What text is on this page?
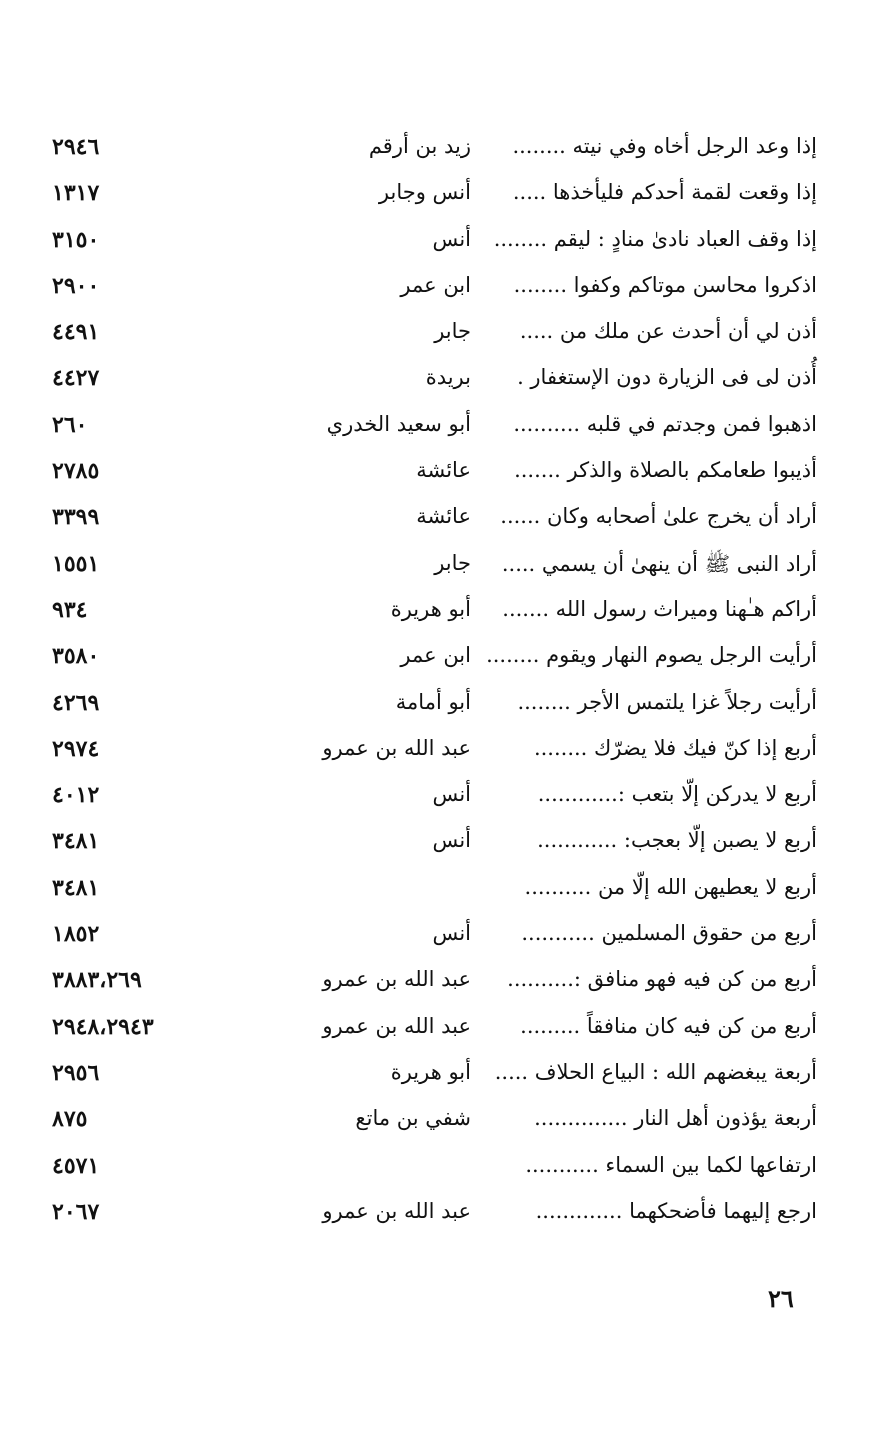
إذا وعد الرجل أخاه وفي نيته ........
زيد بن أرقم
٢٩٤٦
إذا وقعت لقمة أحدكم فليأخذها .....
أنس وجابر
١٣١٧
إذا وقف العباد نادىٰ منادٍ : ليقم ........
أنس
٣١٥٠
اذكروا محاسن موتاكم وكفوا ........
ابن عمر
٢٩٠٠
أذن لي أن أحدث عن ملك من .....
جابر
٤٤٩١
أُذن لى فى الزيارة دون الإستغفار .
بريدة
٤٤٢٧
اذهبوا فمن وجدتم في قلبه ..........
أبو سعيد الخدري
٢٦٠
أذيبوا طعامكم بالصلاة والذكر .......
عائشة
٢٧٨٥
أراد أن يخرج علىٰ أصحابه وكان ......
عائشة
٣٣٩٩
أراد النبى ﷺ أن ينهىٰ أن يسمي .....
جابر
١٥٥١
أراكم هـٰهنا وميراث رسول الله .......
أبو هريرة
٩٣٤
أرأيت الرجل يصوم النهار ويقوم ........
ابن عمر
٣٥٨٠
أرأيت رجلاً غزا يلتمس الأجر ........
أبو أمامة
٤٢٦٩
أربع إذا كنّ فيك فلا يضرّك ........
عبد الله بن عمرو
٢٩٧٤
أربع لا يدركن إلّا بتعب :............
أنس
٤٠١٢
أربع لا يصبن إلّا بعجب: ............
أنس
٣٤٨١
أربع لا يعطيهن الله إلّا من ..........
٣٤٨١
أربع من حقوق المسلمين ...........
أنس
١٨٥٢
أربع من كن فيه فهو منافق :..........
عبد الله بن عمرو
٣٨٨٣،٢٦٩
أربع من كن فيه كان منافقاً .........
عبد الله بن عمرو
٢٩٤٨،٢٩٤٣
أربعة يبغضهم الله : البياع الحلاف .....
أبو هريرة
٢٩٥٦
أربعة يؤذون أهل النار ..............
شفي بن ماتع
٨٧٥
ارتفاعها لكما بين السماء ...........
٤٥٧١
ارجع إليهما فأضحكهما .............
عبد الله بن عمرو
٢٠٦٧
٢٦
